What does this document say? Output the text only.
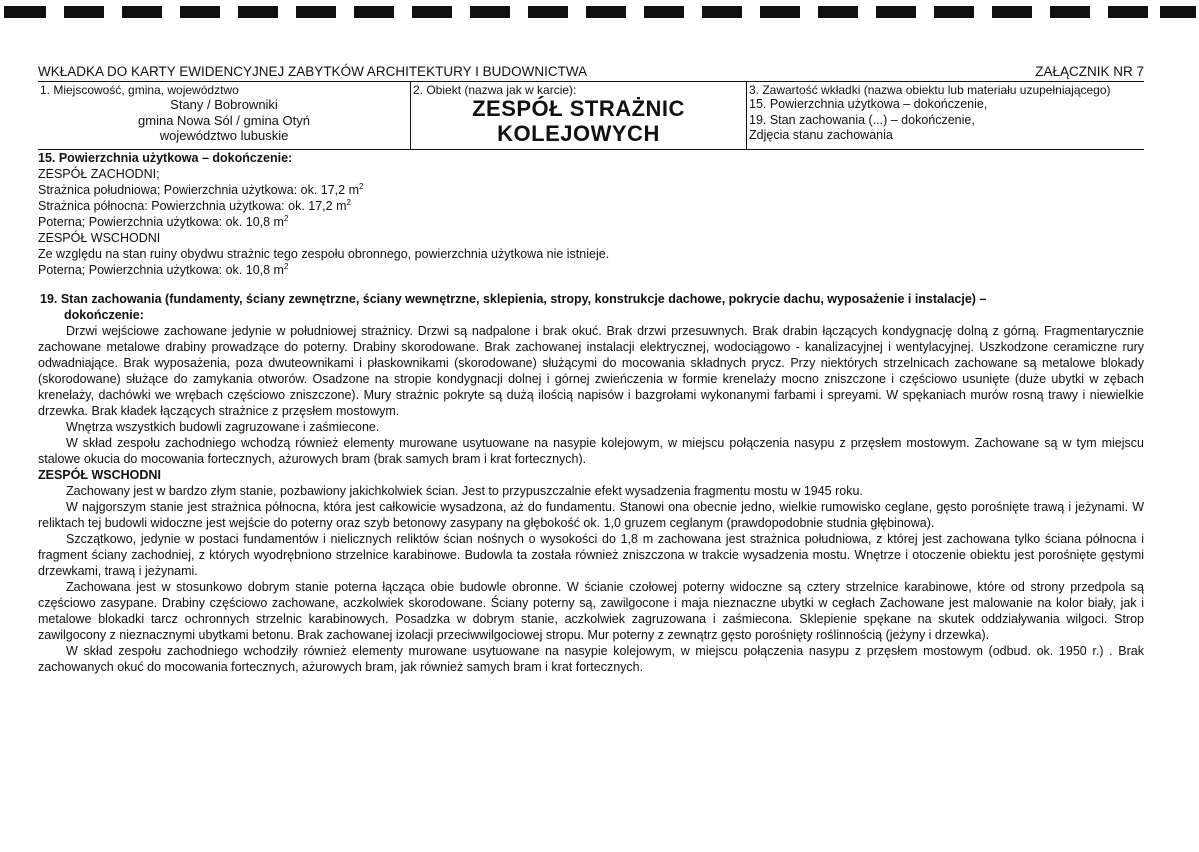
WKŁADKA DO KARTY EWIDENCYJNEJ ZABYTKÓW ARCHITEKTURY I BUDOWNICTWA	ZAŁĄCZNIK NR 7
1. Miejscowość, gmina, województwo
Stany / Bobrowniki
gmina Nowa Sól / gmina Otyń
województwo lubuskie
2. Obiekt (nazwa jak w karcie):
ZESPÓŁ STRAŻNIC
KOLEJOWYCH
3. Zawartość wkładki (nazwa obiektu lub materiału uzupełniającego)
15. Powierzchnia użytkowa – dokończenie,
19. Stan zachowania (...) – dokończenie,
Zdjęcia stanu zachowania

15. Powierzchnia użytkowa – dokończenie:

ZESPÓŁ ZACHODNI;

Strażnica południowa; Powierzchnia użytkowa: ok. 17,2 $m^2$

Strażnica północna: Powierzchnia użytkowa: ok. 17,2 $m^2$

Poterna; Powierzchnia użytkowa: ok. 10,8 $m^2$

ZESPÓŁ WSCHODNI

Ze względu na stan ruiny obydwu strażnic tego zespołu obronnego, powierzchnia użytkowa nie istnieje.

Poterna; Powierzchnia użytkowa: ok. 10,8 $m^2$

19. Stan zachowania (fundamenty, ściany zewnętrzne, ściany wewnętrzne, sklepienia, stropy, konstrukcje dachowe, pokrycie dachu, wyposażenie i instalacje) –
dokończenie:

Drzwi wejściowe zachowane jedynie w południowej strażnicy. Drzwi są nadpalone i brak okuć. Brak drzwi przesuwnych. Brak drabin łączących kondygnację dolną z górną. Fragmentarycznie zachowane metalowe drabiny prowadzące do poterny. Drabiny skorodowane. Brak zachowanej instalacji elektrycznej, wodociągowo - kanalizacyjnej i wentylacyjnej. Uszkodzone ceramiczne rury odwadniające. Brak wyposażenia, poza dwuteownikami i płaskownikami (skorodowane) służącymi do mocowania składnych prycz. Przy niektórych strzelnicach zachowane są metalowe blokady (skorodowane) służące do zamykania otworów. Osadzone na stropie kondygnacji dolnej i górnej zwieńczenia w formie krenelaży mocno zniszczone i częściowo usunięte (duże ubytki w zębach krenelaży, dachówki we wrębach częściowo zniszczone). Mury strażnic pokryte są dużą ilością napisów i bazgrołami wykonanymi farbami i spreyami. W spękaniach murów rosną trawy i niewielkie drzewka. Brak kładek łączących strażnice z przęsłem mostowym.

Wnętrza wszystkich budowli zagruzowane i zaśmiecone.

W skład zespołu zachodniego wchodzą również elementy murowane usytuowane na nasypie kolejowym, w miejscu połączenia nasypu z przęsłem mostowym. Zachowane są w tym miejscu stalowe okucia do mocowania fortecznych, ażurowych bram (brak samych bram i krat fortecznych).

ZESPÓŁ WSCHODNI

Zachowany jest w bardzo złym stanie, pozbawiony jakichkolwiek ścian. Jest to przypuszczalnie efekt wysadzenia fragmentu mostu w 1945 roku.

W najgorszym stanie jest strażnica północna, która jest całkowicie wysadzona, aż do fundamentu. Stanowi ona obecnie jedno, wielkie rumowisko ceglane, gęsto porośnięte trawą i jeżynami. W reliktach tej budowli widoczne jest wejście do poterny oraz szyb betonowy zasypany na głębokość ok. 1,0 gruzem ceglanym (prawdopodobnie studnia głębinowa).

Szczątkowo, jedynie w postaci fundamentów i nielicznych reliktów ścian nośnych o wysokości do 1,8 m zachowana jest strażnica południowa, z której jest zachowana tylko ściana północna i fragment ściany zachodniej, z których wyodrębniono strzelnice karabinowe. Budowla ta została również zniszczona w trakcie wysadzenia mostu. Wnętrze i otoczenie obiektu jest porośnięte gęstymi drzewkami, trawą i jeżynami.

Zachowana jest w stosunkowo dobrym stanie poterna łącząca obie budowle obronne. W ścianie czołowej poterny widoczne są cztery strzelnice karabinowe, które od strony przedpola są częściowo zasypane. Drabiny częściowo zachowane, aczkolwiek skorodowane. Ściany poterny są, zawilgocone i maja nieznaczne ubytki w cegłach Zachowane jest malowanie na kolor biały, jak i metalowe blokadki tarcz ochronnych strzelnic karabinowych. Posadzka w dobrym stanie, aczkolwiek zagruzowana i zaśmiecona. Sklepienie spękane na skutek oddziaływania wilgoci. Strop zawilgocony z nieznacznymi ubytkami betonu. Brak zachowanej izolacji przeciwwilgociowej stropu. Mur poterny z zewnątrz gęsto porośnięty roślinnością (jeżyny i drzewka).

W skład zespołu zachodniego wchodziły również elementy murowane usytuowane na nasypie kolejowym, w miejscu połączenia nasypu z przęsłem mostowym (odbud. ok. 1950 r.) . Brak zachowanych okuć do mocowania fortecznych, ażurowych bram, jak również samych bram i krat fortecznych.
